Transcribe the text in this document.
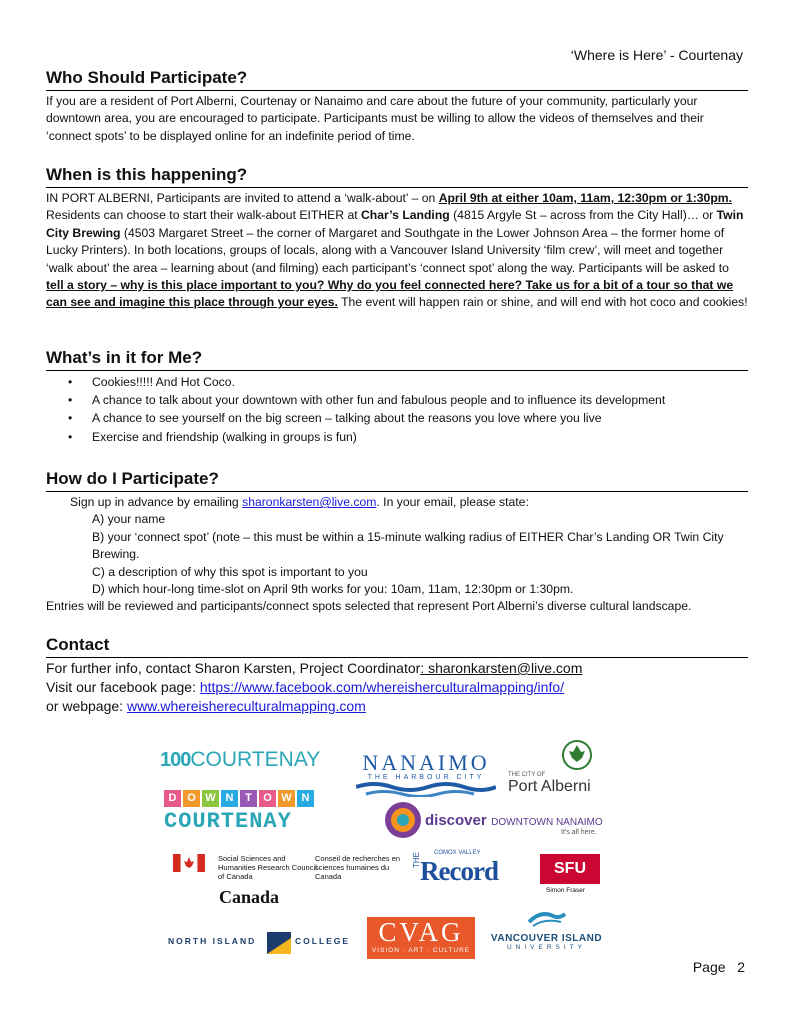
‘Where is Here’ - Courtenay
Who Should Participate?

If you are a resident of Port Alberni, Courtenay or Nanaimo and care about the future of your community, particularly your downtown area, you are encouraged to participate. Participants must be willing to allow the videos of themselves and their ‘connect spots’ to be displayed online for an indefinite period of time.

When is this happening?

IN PORT ALBERNI, Participants are invited to attend a ‘walk-about’ – on April 9th at either 10am, 11am, 12:30pm or 1:30pm. Residents can choose to start their walk-about EITHER at Char’s Landing (4815 Argyle St – across from the City Hall)… or Twin City Brewing (4503 Margaret Street – the corner of Margaret and Southgate in the Lower Johnson Area – the former home of Lucky Printers). In both locations, groups of locals, along with a Vancouver Island University ‘film crew’, will meet and together ‘walk about’ the area – learning about (and filming) each participant’s ‘connect spot’ along the way. Participants will be asked to tell a story – why is this place important to you? Why do you feel connected here? Take us for a bit of a tour so that we can see and imagine this place through your eyes. The event will happen rain or shine, and will end with hot coco and cookies!

What’s in it for Me?
• Cookies!!!!! And Hot Coco.
• A chance to talk about your downtown with other fun and fabulous people and to influence its development
• A chance to see yourself on the big screen – talking about the reasons you love where you live
• Exercise and friendship (walking in groups is fun)
How do I Participate?

Sign up in advance by emailing sharonkarsten@live.com. In your email, please state:

A) your name

B) your ‘connect spot’ (note – this must be within a 15-minute walking radius of EITHER Char’s Landing OR Twin City Brewing.

C) a description of why this spot is important to you

D) which hour-long time-slot on April 9th works for you: 10am, 11am, 12:30pm or 1:30pm.

Entries will be reviewed and participants/connect spots selected that represent Port Alberni’s diverse cultural landscape.

Contact

For further info, contact Sharon Karsten, Project Coordinator: sharonkarsten@live.com

Visit our facebook page: https://www.facebook.com/whereisherculturalmapping/info/

or webpage: www.whereishereculturalmapping.com

100COURTENAY NANAIMO
THE HARBOUR CITY	THE CITY OF
Port Alberni
D O W N	T	O W N
COURTENAY	discover DOWNTOWN NANAIMO
It’s all here.
Social Sciences and Humanities Research Council of Canada
Conseil de recherches en sciences humaines du Canada
Canada
THE COMOX VALLEY
Record	SFU
Simon Fraser
NORTH ISLAND	COLLEGE	CVAG
VISION · ART · CULTURE
VANCOUVER ISLAND
UNIVERSITY
Page 2
